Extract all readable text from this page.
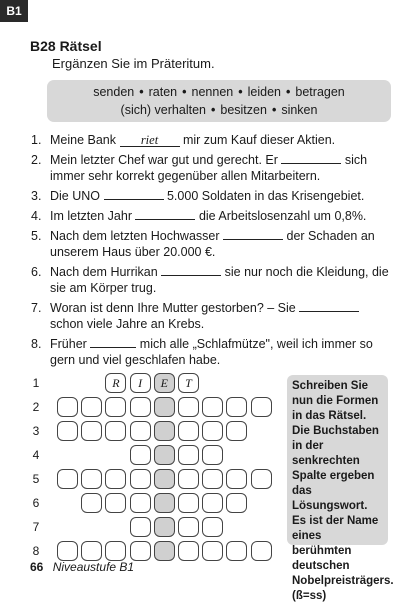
B1
B28 Rätsel
Ergänzen Sie im Präteritum.
senden • raten • nennen • leiden • betragen
(sich) verhalten • besitzen • sinken
1. Meine Bank riet mir zum Kauf dieser Aktien.
2. Mein letzter Chef war gut und gerecht. Er	sich immer sehr korrekt gegenüber allen Mitarbeitern.
3. Die UNO	5.000 Soldaten in das Krisengebiet.
4. Im letzten Jahr	die Arbeitslosenzahl um 0,8%.
5. Nach dem letzten Hochwasser	der Schaden an unserem Haus über 20.000 €.
6. Nach dem Hurrikan	sie nur noch die Kleidung, die sie am Körper trug.
7. Woran ist denn Ihre Mutter gestorben? – Sie  schon viele Jahre an Krebs.
8. Früher	mich alle „Schlafmütze", weil ich immer so gern und viel geschlafen habe.
1	R	I	E	T
2
3
4
5
6
7
8
Schreiben Sie nun die Formen in das Rätsel. Die Buchstaben in der senkrechten Spalte ergeben das Lösungswort. Es ist der Name eines berühmten deutschen Nobelpreisträgers. (ß=ss)
66 Niveaustufe B1
